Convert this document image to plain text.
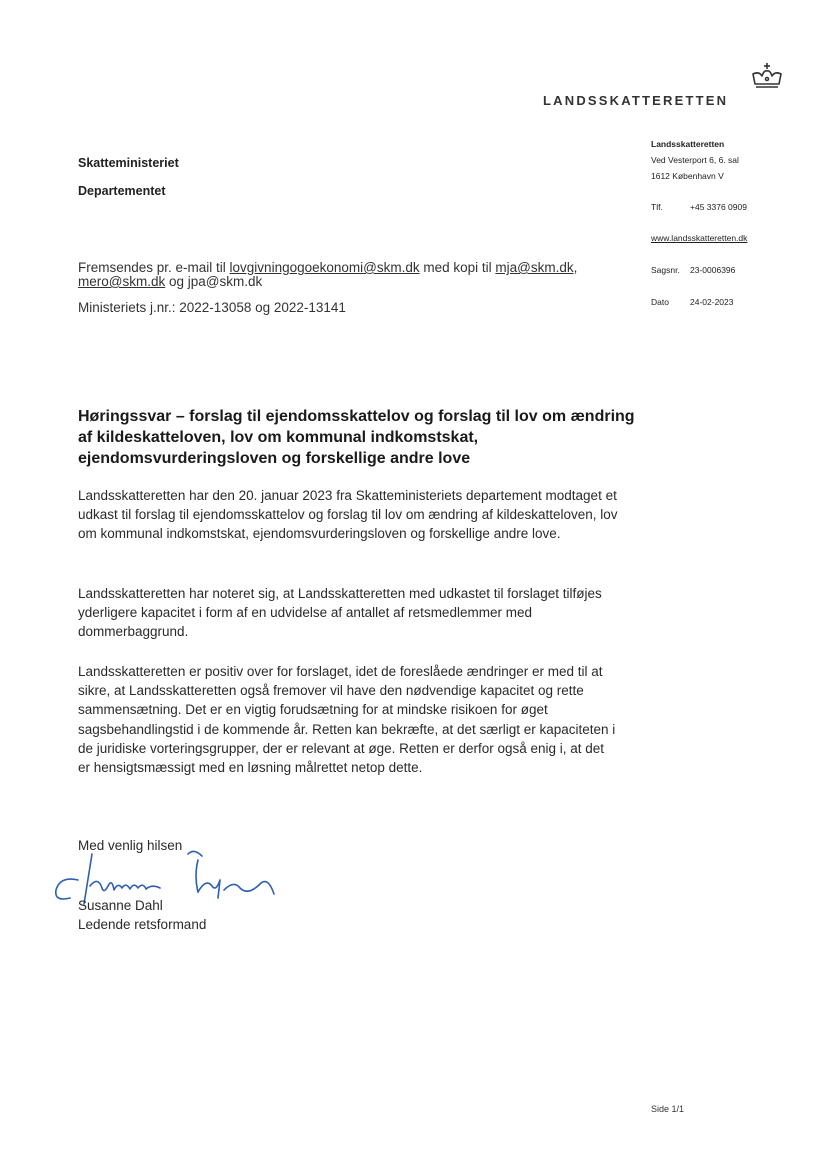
LANDSSKATTERETTEN
Landsskatteretten
Ved Vesterport 6, 6. sal
1612 København V
Tlf.	+45 3376 0909
www.landsskatteretten.dk
Sagsnr. 23-0006396
Dato 24-02-2023
Skatteministeriet
Departementet
Fremsendes pr. e-mail til lovgivningogoekonomi@skm.dk med kopi til mja@skm.dk,
mero@skm.dk og jpa@skm.dk
Ministeriets j.nr.: 2022-13058 og 2022-13141
Høringssvar – forslag til ejendomsskattelov og forslag til lov om ændring af kildeskatteloven, lov om kommunal indkomstskat, ejendomsvurderingsloven og forskellige andre love
Landsskatteretten har den 20. januar 2023 fra Skatteministeriets departement modtaget et udkast til forslag til ejendomsskattelov og forslag til lov om ændring af kildeskatteloven, lov om kommunal indkomstskat, ejendomsvurderingsloven og forskellige andre love.
Landsskatteretten har noteret sig, at Landsskatteretten med udkastet til forslaget tilføjes yderligere kapacitet i form af en udvidelse af antallet af retsmedlemmer med dommerbaggrund.
Landsskatteretten er positiv over for forslaget, idet de foreslåede ændringer er med til at sikre, at Landsskatteretten også fremover vil have den nødvendige kapacitet og rette sammensætning. Det er en vigtig forudsætning for at mindske risikoen for øget sagsbehandlingstid i de kommende år. Retten kan bekræfte, at det særligt er kapaciteten i de juridiske vorteringsgrupper, der er relevant at øge. Retten er derfor også enig i, at det er hensigtsmæssigt med en løsning målrettet netop dette.
Med venlig hilsen
Susanne Dahl
Ledende retsformand
Side 1/1
